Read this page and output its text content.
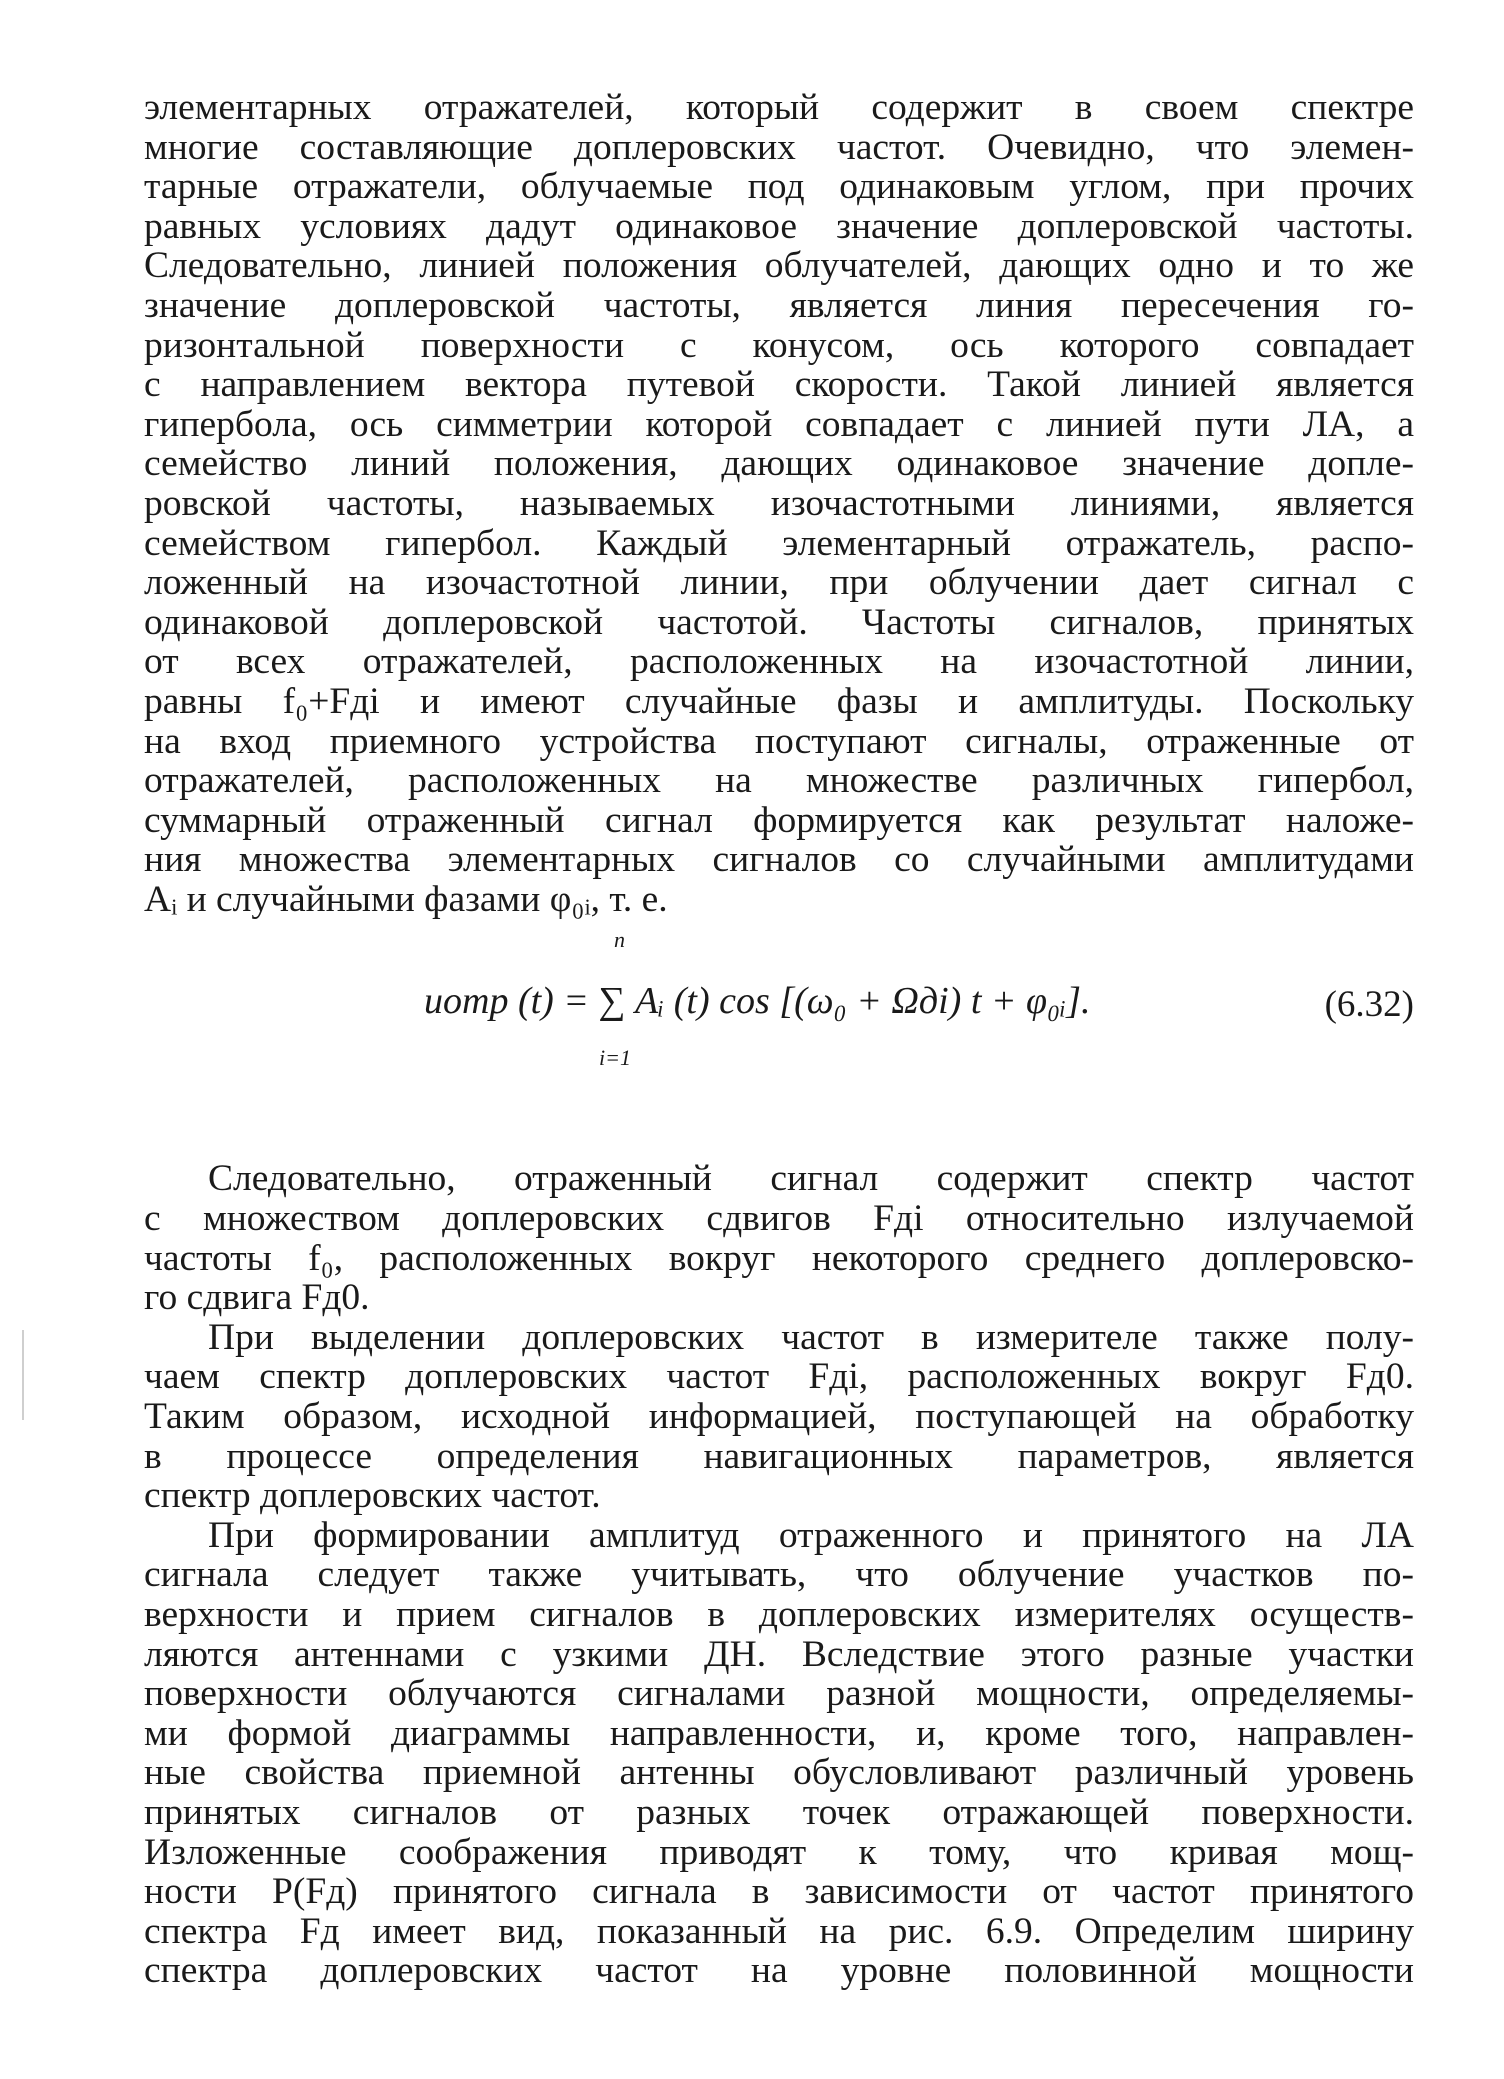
элементарных отражателей, который содержит в своем спектре
многие составляющие доплеровских частот. Очевидно, что элемен-
тарные отражатели, облучаемые под одинаковым углом, при прочих
равных условиях дадут одинаковое значение доплеровской частоты.
Следовательно, линией положения облучателей, дающих одно и то же
значение доплеровской частоты, является линия пересечения го-
ризонтальной поверхности с конусом, ось которого совпадает
с направлением вектора путевой скорости. Такой линией является
гипербола, ось симметрии которой совпадает с линией пути ЛА, а
семейство линий положения, дающих одинаковое значение допле-
ровской частоты, называемых изочастотными линиями, является
семейством гипербол. Каждый элементарный отражатель, распо-
ложенный на изочастотной линии, при облучении дает сигнал с
одинаковой доплеровской частотой. Частоты сигналов, принятых
от всех отражателей, расположенных на изочастотной линии,
равны f₀+Fдi и имеют случайные фазы и амплитуды. Поскольку
на вход приемного устройства поступают сигналы, отраженные от
отражателей, расположенных на множестве различных гипербол,
суммарный отраженный сигнал формируется как результат наложе-
ния множества элементарных сигналов со случайными амплитудами
Aᵢ и случайными фазами φ₀ᵢ, т. е.
n
uотр (t) = ∑ Aᵢ (t) cos [(ω₀ + Ωдi) t + φ₀ᵢ].
i=1
(6.32)
Следовательно, отраженный сигнал содержит спектр частот
с множеством доплеровских сдвигов Fдi относительно излучаемой
частоты f₀, расположенных вокруг некоторого среднего доплеровско-
го сдвига Fд0.
При выделении доплеровских частот в измерителе также полу-
чаем спектр доплеровских частот Fдi, расположенных вокруг Fд0.
Таким образом, исходной информацией, поступающей на обработку
в процессе определения навигационных параметров, является
спектр доплеровских частот.
При формировании амплитуд отраженного и принятого на ЛА
сигнала следует также учитывать, что облучение участков по-
верхности и прием сигналов в доплеровских измерителях осуществ-
ляются антеннами с узкими ДН. Вследствие этого разные участки
поверхности облучаются сигналами разной мощности, определяемы-
ми формой диаграммы направленности, и, кроме того, направлен-
ные свойства приемной антенны обусловливают различный уровень
принятых сигналов от разных точек отражающей поверхности.
Изложенные соображения приводят к тому, что кривая мощ-
ности P(Fд) принятого сигнала в зависимости от частот принятого
спектра Fд имеет вид, показанный на рис. 6.9. Определим ширину
спектра доплеровских частот на уровне половинной мощности
